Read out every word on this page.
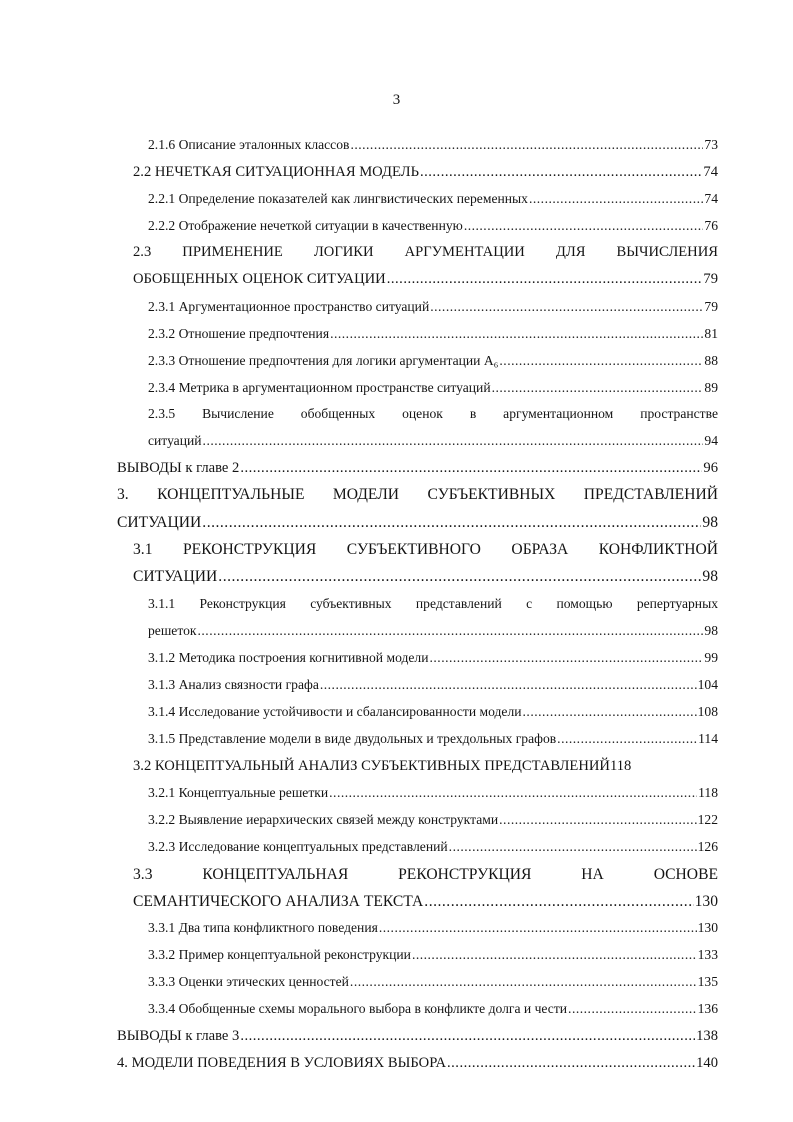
3
2.1.6 Описание эталонных классов .....	73
2.2 НЕЧЕТКАЯ СИТУАЦИОННАЯ МОДЕЛЬ .....	74
2.2.1 Определение показателей как лингвистических переменных .....	74
2.2.2 Отображение нечеткой ситуации в качественную .....	76
2.3 ПРИМЕНЕНИЕ ЛОГИКИ АРГУМЕНТАЦИИ ДЛЯ ВЫЧИСЛЕНИЯ
ОБОБЩЕННЫХ ОЦЕНОК СИТУАЦИИ .....	79
2.3.1 Аргументационное пространство ситуаций .....	79
2.3.2 Отношение предпочтения .....	81
2.3.3 Отношение предпочтения для логики аргументации A₆ .....	88
2.3.4 Метрика в аргументационном пространстве ситуаций .....	89
2.3.5 Вычисление обобщенных оценок в аргументационном пространстве
ситуаций .....	94
ВЫВОДЫ к главе 2 .....	96
3. КОНЦЕПТУАЛЬНЫЕ МОДЕЛИ СУБЪЕКТИВНЫХ ПРЕДСТАВЛЕНИЙ
СИТУАЦИИ .....	98
3.1 РЕКОНСТРУКЦИЯ СУБЪЕКТИВНОГО ОБРАЗА КОНФЛИКТНОЙ
СИТУАЦИИ .....	98
3.1.1 Реконструкция субъективных представлений с помощью репертуарных
решеток .....	98
3.1.2 Методика построения когнитивной модели .....	99
3.1.3 Анализ связности графа .....	104
3.1.4 Исследование устойчивости и сбалансированности модели .....	108
3.1.5 Представление модели в виде двудольных и трехдольных графов .....	114
3.2 КОНЦЕПТУАЛЬНЫЙ АНАЛИЗ СУБЪЕКТИВНЫХ ПРЕДСТАВЛЕНИЙ 118
3.2.1 Концептуальные решетки .....	118
3.2.2 Выявление иерархических связей между конструктами .....	122
3.2.3 Исследование концептуальных представлений .....	126
3.3 КОНЦЕПТУАЛЬНАЯ РЕКОНСТРУКЦИЯ НА ОСНОВЕ
СЕМАНТИЧЕСКОГО АНАЛИЗА ТЕКСТА .....	130
3.3.1 Два типа конфликтного поведения .....	130
3.3.2 Пример концептуальной реконструкции .....	133
3.3.3 Оценки этических ценностей .....	135
3.3.4 Обобщенные схемы морального выбора в конфликте долга и чести .....	136
ВЫВОДЫ к главе 3 .....	138
4. МОДЕЛИ ПОВЕДЕНИЯ В УСЛОВИЯХ ВЫБОРА .....	140
